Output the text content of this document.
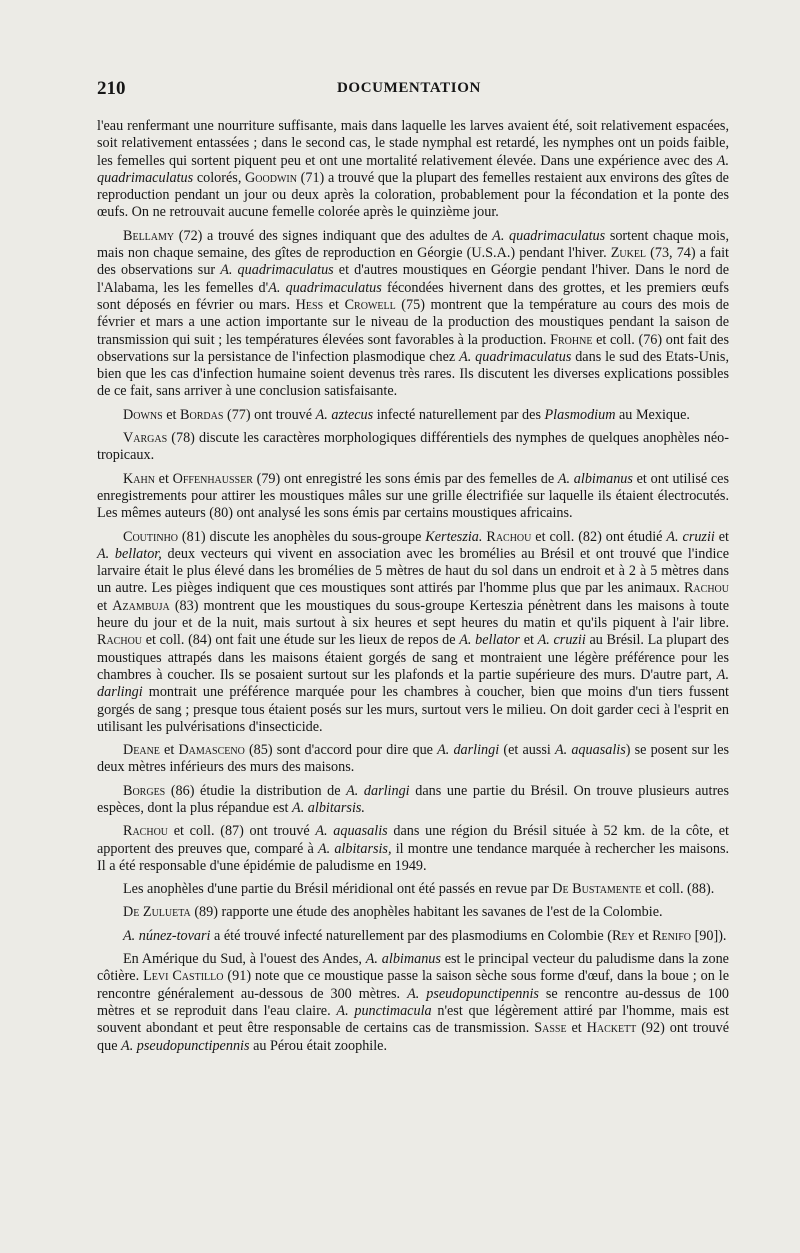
210	DOCUMENTATION

l'eau renfermant une nourriture suffisante, mais dans laquelle les larves avaient été, soit relativement espacées, soit relativement entassées ; dans le second cas, le stade nymphal est retardé, les nymphes ont un poids faible, les femelles qui sortent piquent peu et ont une mortalité relativement élevée. Dans une expérience avec des A. quadrimaculatus colorés, Goodwin (71) a trouvé que la plupart des femelles restaient aux environs des gîtes de reproduction pendant un jour ou deux après la coloration, probablement pour la fécondation et la ponte des œufs. On ne retrouvait aucune femelle colorée après le quinzième jour.

Bellamy (72) a trouvé des signes indiquant que des adultes de A. quadrimaculatus sortent chaque mois, mais non chaque semaine, des gîtes de reproduction en Géorgie (U.S.A.) pendant l'hiver. Zukel (73, 74) a fait des observations sur A. quadrimaculatus et d'autres moustiques en Géorgie pendant l'hiver. Dans le nord de l'Alabama, les les femelles d'A. quadrimaculatus fécondées hivernent dans des grottes, et les premiers œufs sont déposés en février ou mars. Hess et Crowell (75) montrent que la température au cours des mois de février et mars a une action importante sur le niveau de la production des moustiques pendant la saison de transmission qui suit ; les températures élevées sont favorables à la production. Frohne et coll. (76) ont fait des observations sur la persistance de l'infection plasmodique chez A. quadrimaculatus dans le sud des Etats-Unis, bien que les cas d'infection humaine soient devenus très rares. Ils discutent les diverses explications possibles de ce fait, sans arriver à une conclusion satisfaisante.

Downs et Bordas (77) ont trouvé A. aztecus infecté naturellement par des Plasmodium au Mexique.

Vargas (78) discute les caractères morphologiques différentiels des nymphes de quelques anophèles néo-tropicaux.

Kahn et Offenhausser (79) ont enregistré les sons émis par des femelles de A. albimanus et ont utilisé ces enregistrements pour attirer les moustiques mâles sur une grille électrifiée sur laquelle ils étaient électrocutés. Les mêmes auteurs (80) ont analysé les sons émis par certains moustiques africains.

Coutinho (81) discute les anophèles du sous-groupe Kerteszia. Rachou et coll. (82) ont étudié A. cruzii et A. bellator, deux vecteurs qui vivent en association avec les bromélies au Brésil et ont trouvé que l'indice larvaire était le plus élevé dans les bromélies de 5 mètres de haut du sol dans un endroit et à 2 à 5 mètres dans un autre. Les pièges indiquent que ces moustiques sont attirés par l'homme plus que par les animaux. Rachou et Azambuja (83) montrent que les moustiques du sous-groupe Kerteszia pénètrent dans les maisons à toute heure du jour et de la nuit, mais surtout à six heures et sept heures du matin et qu'ils piquent à l'air libre. Rachou et coll. (84) ont fait une étude sur les lieux de repos de A. bellator et A. cruzii au Brésil. La plupart des moustiques attrapés dans les maisons étaient gorgés de sang et montraient une légère préférence pour les chambres à coucher. Ils se posaient surtout sur les plafonds et la partie supérieure des murs. D'autre part, A. darlingi montrait une préférence marquée pour les chambres à coucher, bien que moins d'un tiers fussent gorgés de sang ; presque tous étaient posés sur les murs, surtout vers le milieu. On doit garder ceci à l'esprit en utilisant les pulvérisations d'insecticide.

Deane et Damasceno (85) sont d'accord pour dire que A. darlingi (et aussi A. aquasalis) se posent sur les deux mètres inférieurs des murs des maisons.

Borges (86) étudie la distribution de A. darlingi dans une partie du Brésil. On trouve plusieurs autres espèces, dont la plus répandue est A. albitarsis.

Rachou et coll. (87) ont trouvé A. aquasalis dans une région du Brésil située à 52 km. de la côte, et apportent des preuves que, comparé à A. albitarsis, il montre une tendance marquée à rechercher les maisons. Il a été responsable d'une épidémie de paludisme en 1949.

Les anophèles d'une partie du Brésil méridional ont été passés en revue par De Bustamente et coll. (88).

De Zulueta (89) rapporte une étude des anophèles habitant les savanes de l'est de la Colombie.

A. núnez-tovari a été trouvé infecté naturellement par des plasmodiums en Colombie (Rey et Renifo [90]).

En Amérique du Sud, à l'ouest des Andes, A. albimanus est le principal vecteur du paludisme dans la zone côtière. Levi Castillo (91) note que ce moustique passe la saison sèche sous forme d'œuf, dans la boue ; on le rencontre généralement au-dessous de 300 mètres. A. pseudopunctipennis se rencontre au-dessus de 100 mètres et se reproduit dans l'eau claire. A. punctimacula n'est que légèrement attiré par l'homme, mais est souvent abondant et peut être responsable de certains cas de transmission. Sasse et Hackett (92) ont trouvé que A. pseudopunctipennis au Pérou était zoophile.
